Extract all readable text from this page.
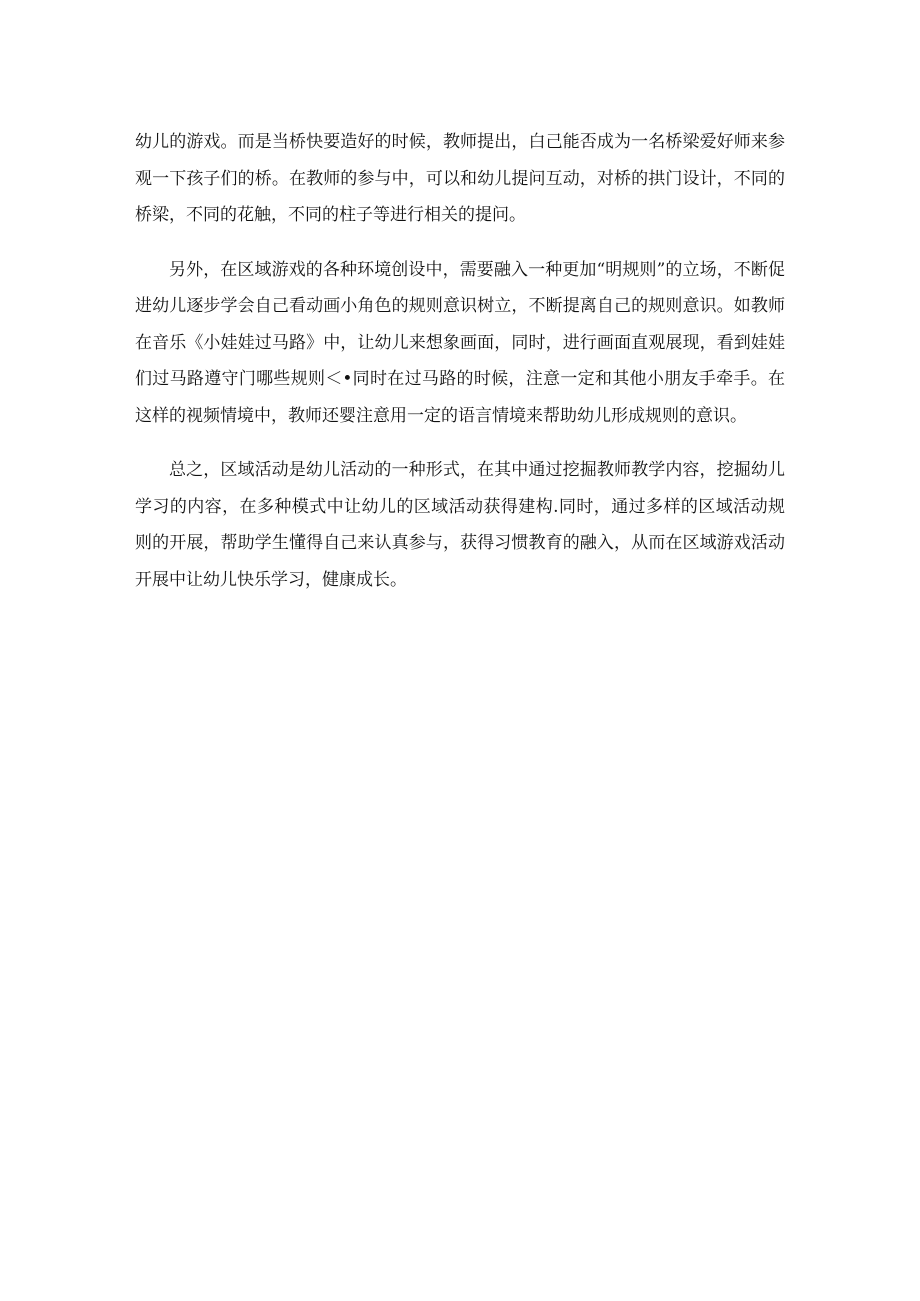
幼儿的游戏。而是当桥快要造好的时候，教师提出，白己能否成为一名桥梁爱好师来参观一下孩子们的桥。在教师的参与中，可以和幼儿提问互动，对桥的拱门设计，不同的桥梁，不同的花触，不同的柱子等进行相关的提问。

另外，在区域游戏的各种环境创设中，需要融入一种更加“明规则”的立场，不断促进幼儿逐步学会自己看动画小角色的规则意识树立，不断提离自己的规则意识。如教师在音乐《小娃娃过马路》中，让幼儿来想象画面，同时，进行画面直观展现，看到娃娃们过马路遵守门哪些规则＜•同时在过马路的时候，注意一定和其他小朋友手牵手。在这样的视频情境中，教师还婴注意用一定的语言情境来帮助幼儿形成规则的意识。

总之，区域活动是幼儿活动的一种形式，在其中通过挖掘教师教学内容，挖掘幼儿学习的内容，在多种模式中让幼儿的区域活动获得建构.同时，通过多样的区域活动规则的开展，帮助学生懂得自己来认真参与，获得习惯教育的融入，从而在区域游戏活动开展中让幼儿快乐学习，健康成长。
